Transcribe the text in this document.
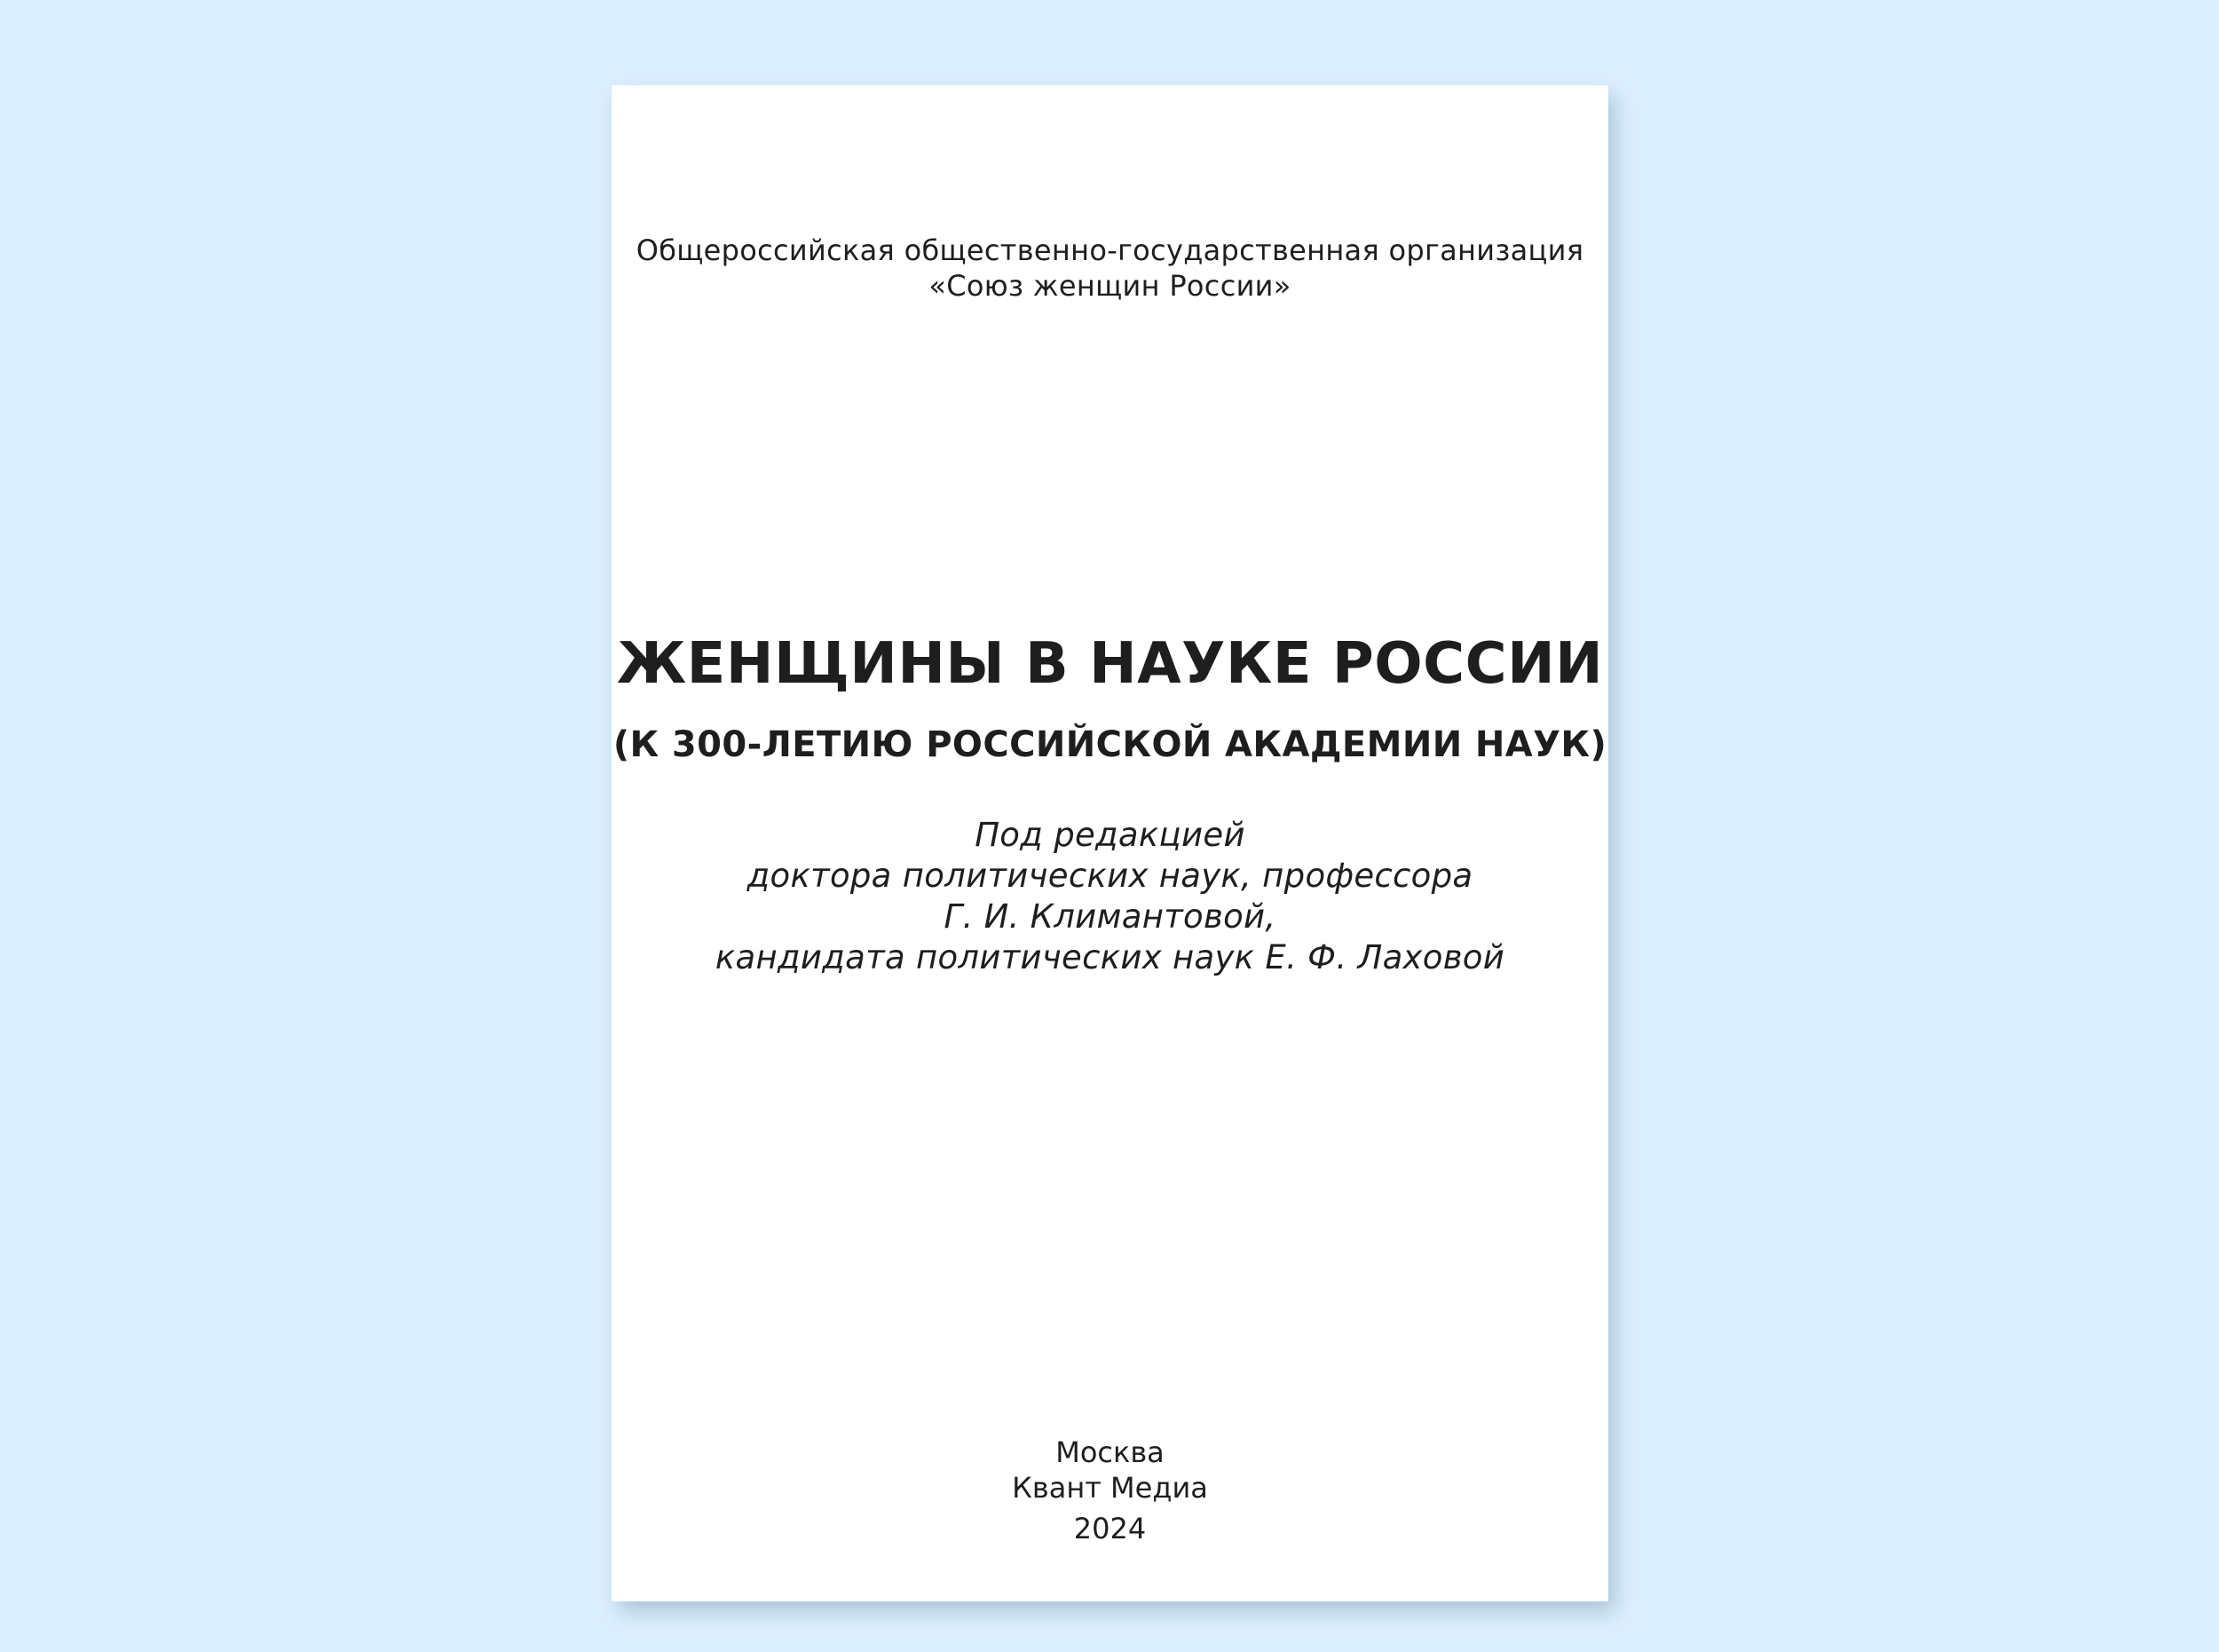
Общероссийская общественно-государственная организация
«Союз женщин России»
ЖЕНЩИНЫ В НАУКЕ РОССИИ
(К 300-ЛЕТИЮ РОССИЙСКОЙ АКАДЕМИИ НАУК)
Под редакцией
доктора политических наук, профессора
Г. И. Климантовой,
кандидата политических наук Е. Ф. Лаховой
Москва
Квант Медиа
2024
